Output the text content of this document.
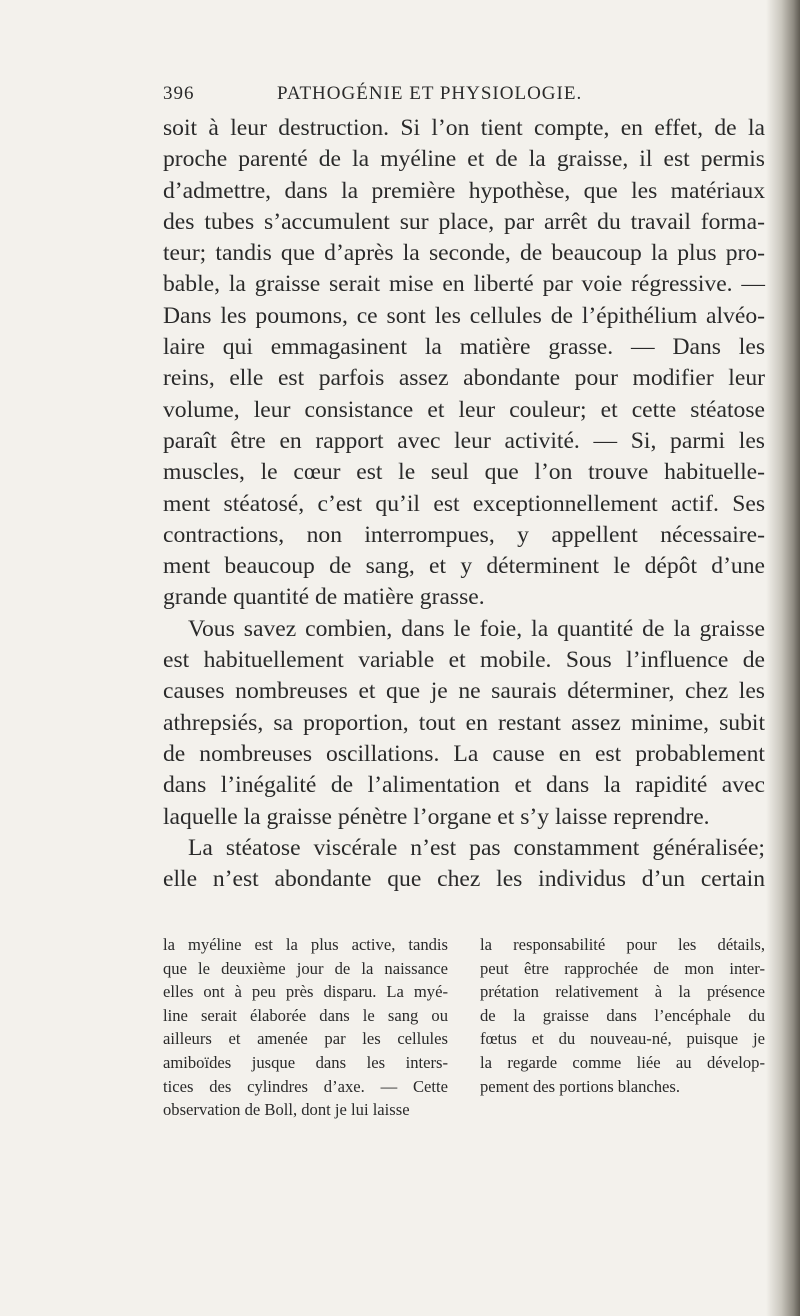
396	PATHOGÉNIE ET PHYSIOLOGIE.

soit à leur destruction. Si l’on tient compte, en effet, de la

proche parenté de la myéline et de la graisse, il est permis

d’admettre, dans la première hypothèse, que les matériaux

des tubes s’accumulent sur place, par arrêt du travail forma-

teur; tandis que d’après la seconde, de beaucoup la plus pro-

bable, la graisse serait mise en liberté par voie régressive. —

Dans les poumons, ce sont les cellules de l’épithélium alvéo-

laire qui emmagasinent la matière grasse. — Dans les

reins, elle est parfois assez abondante pour modifier leur

volume, leur consistance et leur couleur; et cette stéatose

paraît être en rapport avec leur activité. — Si, parmi les

muscles, le cœur est le seul que l’on trouve habituelle-

ment stéatosé, c’est qu’il est exceptionnellement actif. Ses

contractions, non interrompues, y appellent nécessaire-

ment beaucoup de sang, et y déterminent le dépôt d’une

grande quantité de matière grasse.

Vous savez combien, dans le foie, la quantité de la graisse

est habituellement variable et mobile. Sous l’influence de

causes nombreuses et que je ne saurais déterminer, chez les

athrepsiés, sa proportion, tout en restant assez minime, subit

de nombreuses oscillations. La cause en est probablement

dans l’inégalité de l’alimentation et dans la rapidité avec

laquelle la graisse pénètre l’organe et s’y laisse reprendre.

La stéatose viscérale n’est pas constamment généralisée;

elle n’est abondante que chez les individus d’un certain

la myéline est la plus active, tandis

que le deuxième jour de la naissance

elles ont à peu près disparu. La myé-

line serait élaborée dans le sang ou

ailleurs et amenée par les cellules

amiboïdes jusque dans les inters-

tices des cylindres d’axe. — Cette

observation de Boll, dont je lui laisse

la responsabilité pour les détails,

peut être rapprochée de mon inter-

prétation relativement à la présence

de la graisse dans l’encéphale du

fœtus et du nouveau-né, puisque je

la regarde comme liée au dévelop-

pement des portions blanches.
